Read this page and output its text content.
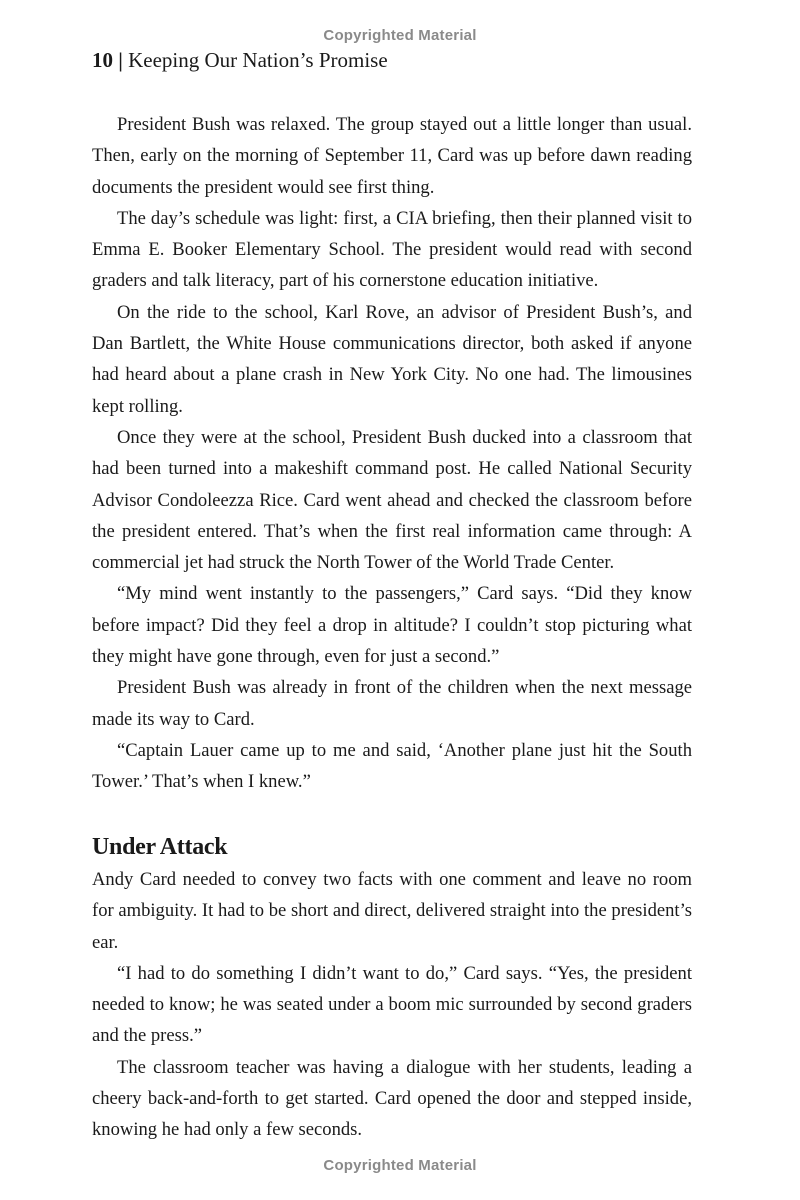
Copyrighted Material
10 | Keeping Our Nation’s Promise

President Bush was relaxed. The group stayed out a little longer than usual. Then, early on the morning of September 11, Card was up before dawn reading documents the president would see first thing.

The day’s schedule was light: first, a CIA briefing, then their planned visit to Emma E. Booker Elementary School. The president would read with second graders and talk literacy, part of his cornerstone education initiative.

On the ride to the school, Karl Rove, an advisor of President Bush’s, and Dan Bartlett, the White House communications director, both asked if anyone had heard about a plane crash in New York City. No one had. The limousines kept rolling.

Once they were at the school, President Bush ducked into a classroom that had been turned into a makeshift command post. He called National Security Advisor Condoleezza Rice. Card went ahead and checked the classroom before the president entered. That’s when the first real information came through: A commercial jet had struck the North Tower of the World Trade Center.

“My mind went instantly to the passengers,” Card says. “Did they know before impact? Did they feel a drop in altitude? I couldn’t stop picturing what they might have gone through, even for just a second.”

President Bush was already in front of the children when the next message made its way to Card.

“Captain Lauer came up to me and said, ‘Another plane just hit the South Tower.’ That’s when I knew.”

Under Attack

Andy Card needed to convey two facts with one comment and leave no room for ambiguity. It had to be short and direct, delivered straight into the president’s ear.

“I had to do something I didn’t want to do,” Card says. “Yes, the president needed to know; he was seated under a boom mic surrounded by second graders and the press.”

The classroom teacher was having a dialogue with her students, leading a cheery back-and-forth to get started. Card opened the door and stepped inside, knowing he had only a few seconds.

Copyrighted Material
